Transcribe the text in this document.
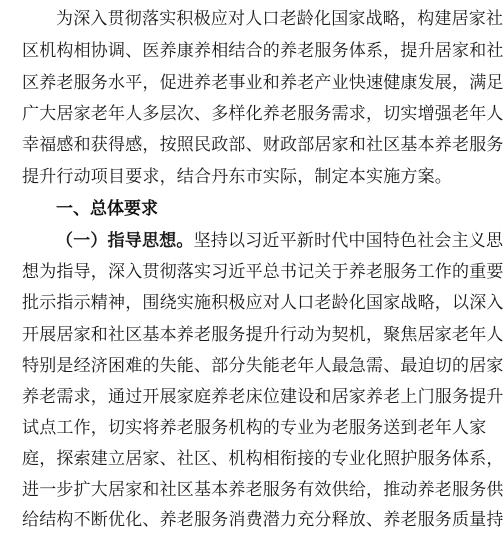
为深入贯彻落实积极应对人口老龄化国家战略，构建居家社
区机构相协调、医养康养相结合的养老服务体系，提升居家和社
区养老服务水平，促进养老事业和养老产业快速健康发展，满足
广大居家老年人多层次、多样化养老服务需求，切实增强老年人
幸福感和获得感，按照民政部、财政部居家和社区基本养老服务
提升行动项目要求，结合丹东市实际，制定本实施方案。
一、总体要求
（一）指导思想。坚持以习近平新时代中国特色社会主义思
想为指导，深入贯彻落实习近平总书记关于养老服务工作的重要
批示指示精神，围绕实施积极应对人口老龄化国家战略，以深入
开展居家和社区基本养老服务提升行动为契机，聚焦居家老年人
特别是经济困难的失能、部分失能老年人最急需、最迫切的居家
养老需求，通过开展家庭养老床位建设和居家养老上门服务提升
试点工作，切实将养老服务机构的专业为老服务送到老年人家
庭，探索建立居家、社区、机构相衔接的专业化照护服务体系，
进一步扩大居家和社区基本养老服务有效供给，推动养老服务供
给结构不断优化、养老服务消费潜力充分释放、养老服务质量持
